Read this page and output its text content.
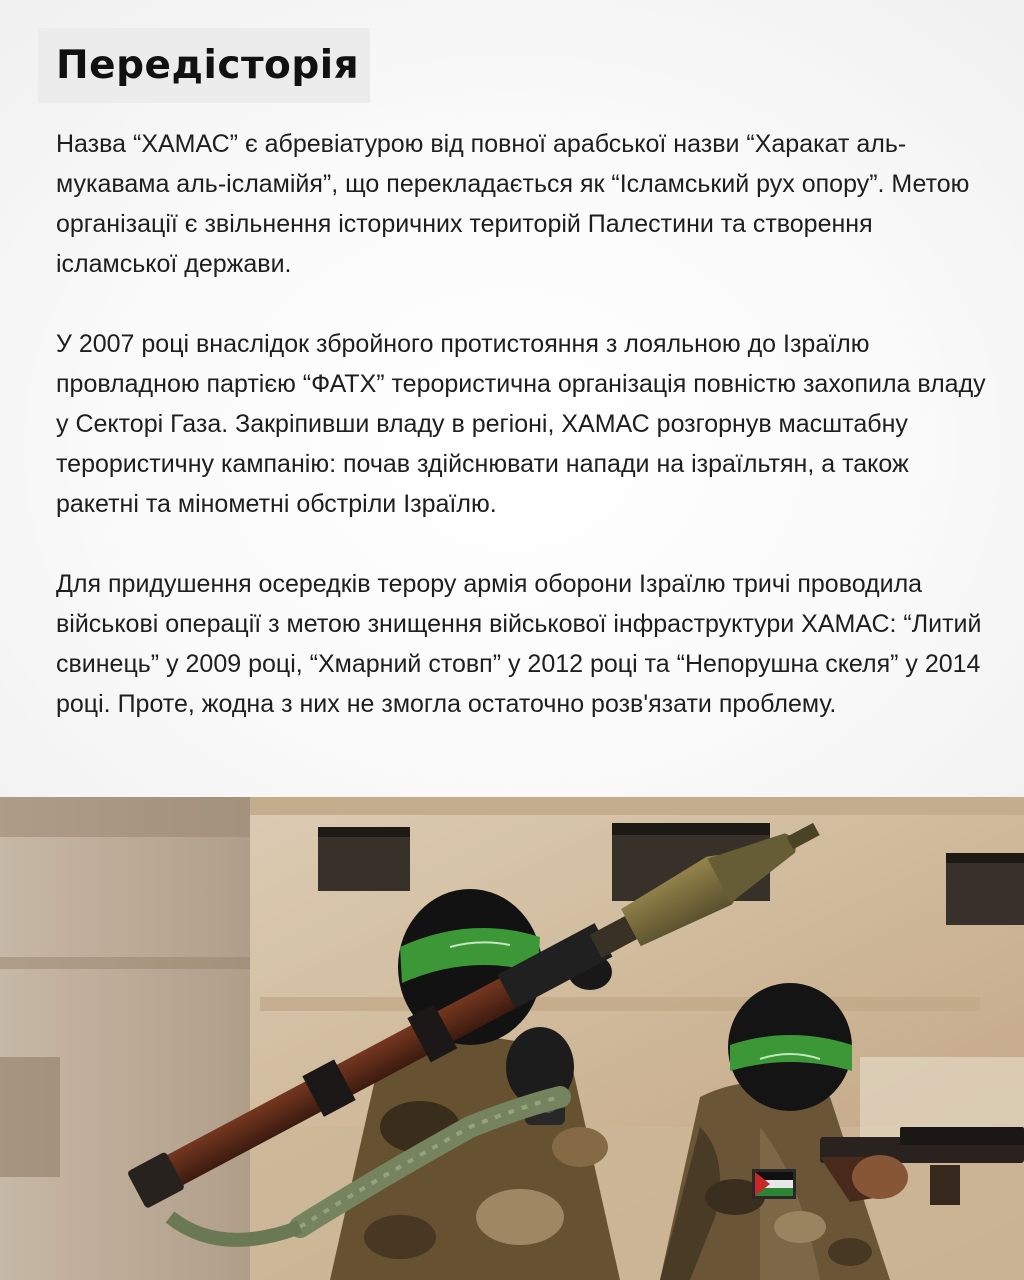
Передісторія

Назва “ХАМАС” є абревіатурою від повної арабської назви “Харакат аль-мукавама аль-ісламійя”, що перекладається як “Ісламський рух опору”. Метою організації є звільнення історичних територій Палестини та створення ісламської держави.

У 2007 році внаслідок збройного протистояння з лояльною до Ізраїлю провладною партією “ФАТХ” терористична організація повністю захопила владу у Секторі Газа. Закріпивши владу в регіоні, ХАМАС розгорнув масштабну терористичну кампанію: почав здійснювати напади на ізраїльтян, а також ракетні та мінометні обстріли Ізраїлю.

Для придушення осередків терору армія оборони Ізраїлю тричі проводила військові операції з метою знищення військової інфраструктури ХАМАС: “Литий свинець” у 2009 році, “Хмарний стовп” у 2012 році та “Непорушна скеля” у 2014 році. Проте, жодна з них не змогла остаточно розв'язати проблему.
